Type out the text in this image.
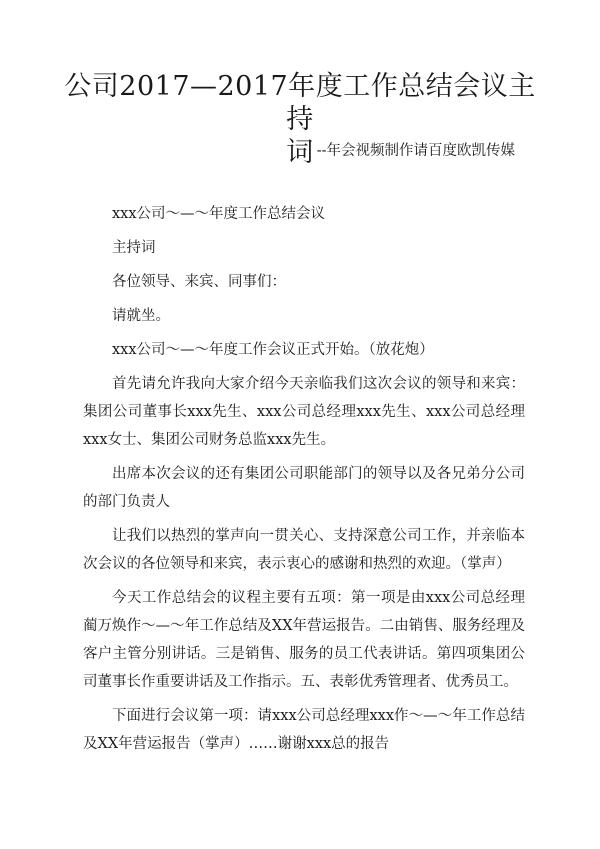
公司2017—2017年度工作总结会议主持
词 --年会视频制作请百度欧凯传媒

xxx公司～—～年度工作总结会议

主持词

各位领导、来宾、同事们：

请就坐。

xxx公司～—～年度工作会议正式开始。（放花炮）

首先请允许我向大家介绍今天亲临我们这次会议的领导和来宾：集团公司董事长xxx先生、xxx公司总经理xxx先生、xxx公司总经理xxx女士、集团公司财务总监xxx先生。

出席本次会议的还有集团公司职能部门的领导以及各兄弟分公司的部门负责人

让我们以热烈的掌声向一贯关心、支持深意公司工作，并亲临本次会议的各位领导和来宾，表示衷心的感谢和热烈的欢迎。（掌声）

今天工作总结会的议程主要有五项：第一项是由xxx公司总经理蔺万焕作～—～年工作总结及XX年营运报告。二由销售、服务经理及客户主管分别讲话。三是销售、服务的员工代表讲话。第四项集团公司董事长作重要讲话及工作指示。五、表彰优秀管理者、优秀员工。

下面进行会议第一项：请xxx公司总经理xxx作～—～年工作总结及XX年营运报告（掌声）……谢谢xxx总的报告
